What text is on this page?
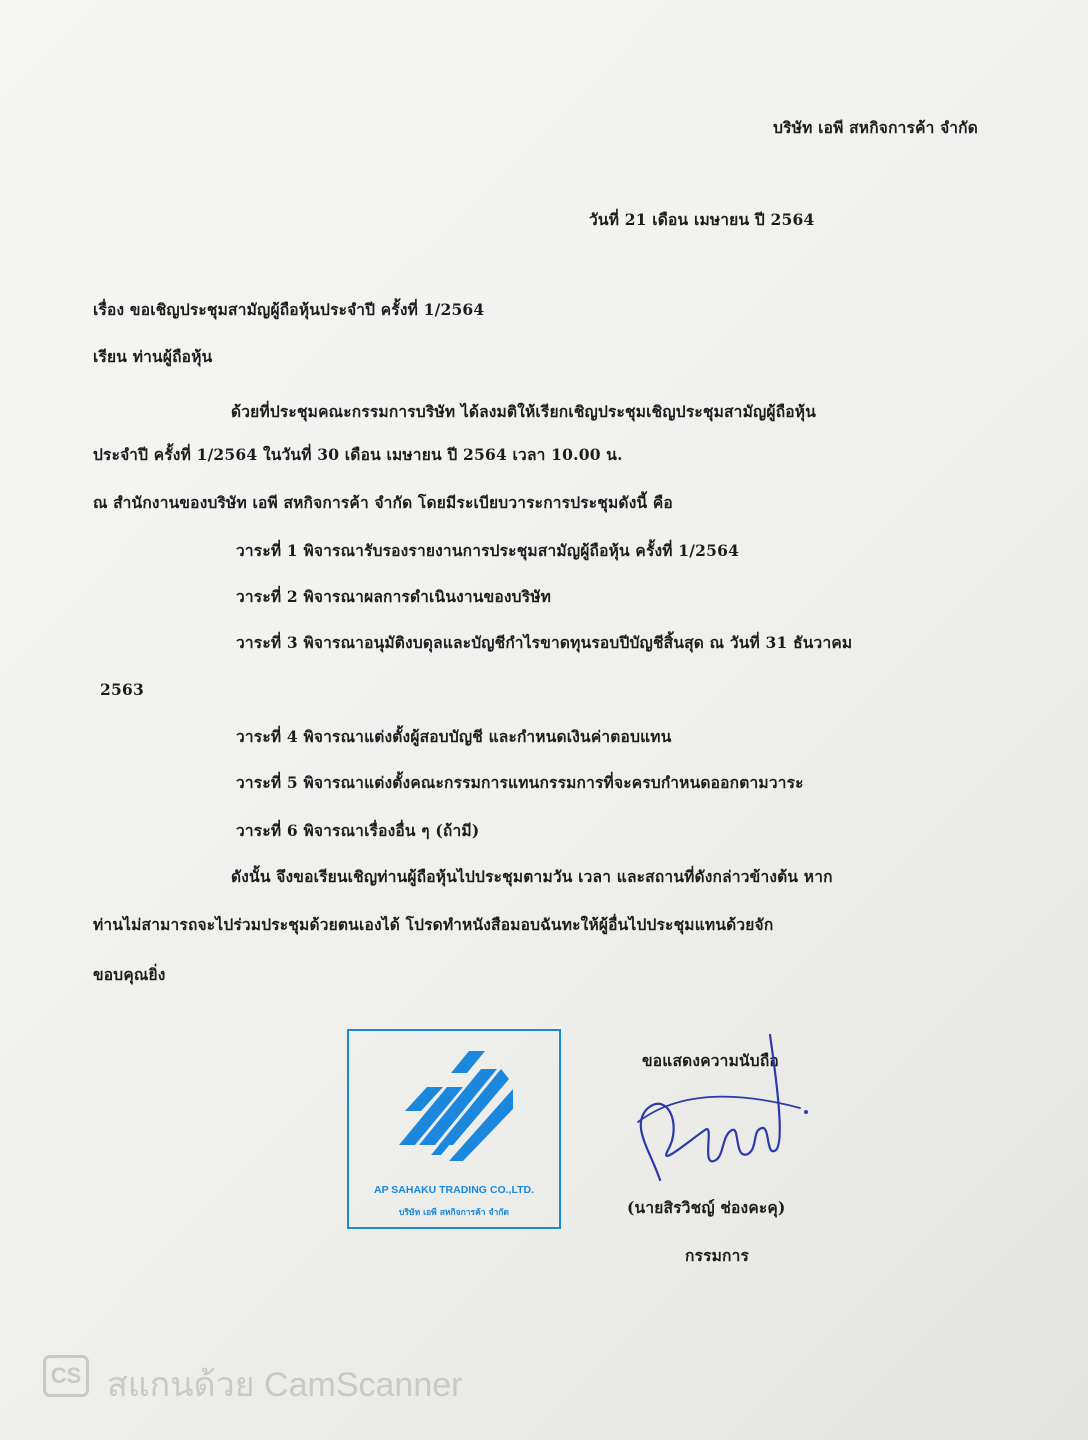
บริษัท เอพี สหกิจการค้า จำกัด
วันที่ 21 เดือน เมษายน ปี 2564
เรื่อง ขอเชิญประชุมสามัญผู้ถือหุ้นประจำปี ครั้งที่ 1/2564
เรียน ท่านผู้ถือหุ้น
ด้วยที่ประชุมคณะกรรมการบริษัท ได้ลงมติให้เรียกเชิญประชุมเชิญประชุมสามัญผู้ถือหุ้น
ประจำปี ครั้งที่ 1/2564 ในวันที่ 30 เดือน เมษายน ปี 2564 เวลา 10.00 น.
ณ สำนักงานของบริษัท เอพี สหกิจการค้า จำกัด โดยมีระเบียบวาระการประชุมดังนี้ คือ
วาระที่ 1 พิจารณารับรองรายงานการประชุมสามัญผู้ถือหุ้น ครั้งที่ 1/2564
วาระที่ 2 พิจารณาผลการดำเนินงานของบริษัท
วาระที่ 3 พิจารณาอนุมัติงบดุลและบัญชีกำไรขาดทุนรอบปีบัญชีสิ้นสุด ณ วันที่ 31 ธันวาคม
2563
วาระที่ 4 พิจารณาแต่งตั้งผู้สอบบัญชี และกำหนดเงินค่าตอบแทน
วาระที่ 5 พิจารณาแต่งตั้งคณะกรรมการแทนกรรมการที่จะครบกำหนดออกตามวาระ
วาระที่ 6 พิจารณาเรื่องอื่น ๆ (ถ้ามี)
ดังนั้น จึงขอเรียนเชิญท่านผู้ถือหุ้นไปประชุมตามวัน เวลา และสถานที่ดังกล่าวข้างต้น หาก
ท่านไม่สามารถจะไปร่วมประชุมด้วยตนเองได้ โปรดทำหนังสือมอบฉันทะให้ผู้อื่นไปประชุมแทนด้วยจัก
ขอบคุณยิ่ง
AP SAHAKU TRADING CO.,LTD.
บริษัท เอพี สหกิจการค้า จำกัด
ขอแสดงความนับถือ
(นายสิรวิชญ์ ช่องคะคุ)
กรรมการ
CS สแกนด้วย CamScanner
